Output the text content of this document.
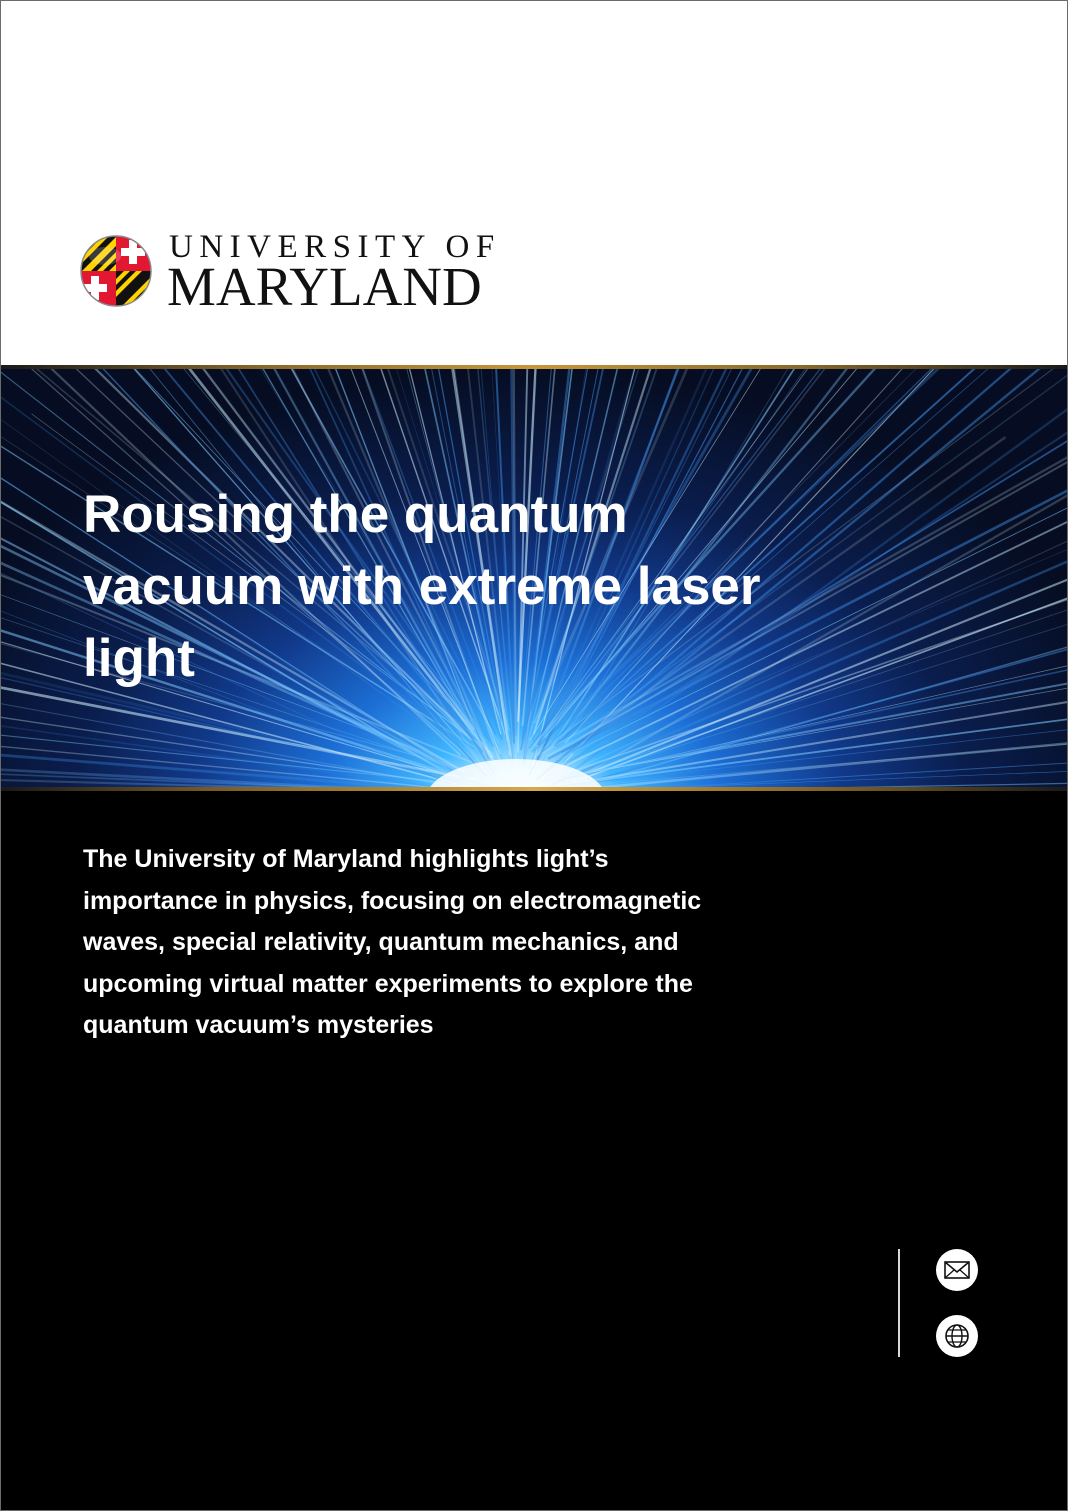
UNIVERSITY OF
MARYLAND
Rousing the quantum vacuum with extreme laser light

The University of Maryland highlights light’s importance in physics, focusing on electromagnetic waves, special relativity, quantum mechanics, and upcoming virtual matter experiments to explore the quantum vacuum’s mysteries
